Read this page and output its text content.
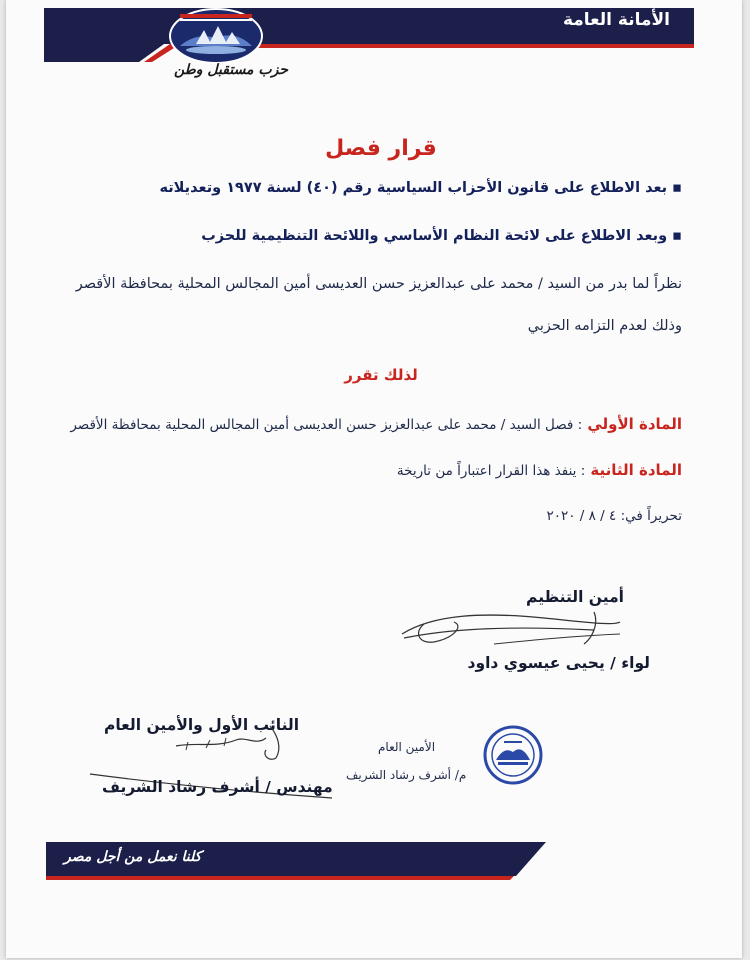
الأمانة العامة
حزب مستقبل وطن
قرار فصل
▪ بعد الاطلاع على قانون الأحزاب السياسية رقم (٤٠) لسنة ١٩٧٧ وتعديلاته
▪ وبعد الاطلاع على لائحة النظام الأساسي واللائحة التنظيمية للحزب
نظراً لما بدر من السيد / محمد على عبدالعزيز حسن العديسى أمين المجالس المحلية بمحافظة الأقصر
وذلك لعدم التزامه الحزبي
لذلك تقرر
المادة الأولي : فصل السيد / محمد على عبدالعزيز حسن العديسى أمين المجالس المحلية بمحافظة الأقصر
المادة الثانية : ينفذ هذا القرار اعتباراً من تاريخة
تحريراً في: ٤ / ٨ / ٢٠٢٠
أمين التنظيم
لواء / يحيى عيسوي داود
النائب الأول والأمين العام
مهندس / أشرف رشاد الشريف
الأمين العام
م/ أشرف رشاد الشريف
كلنا نعمل من أجل مصر
